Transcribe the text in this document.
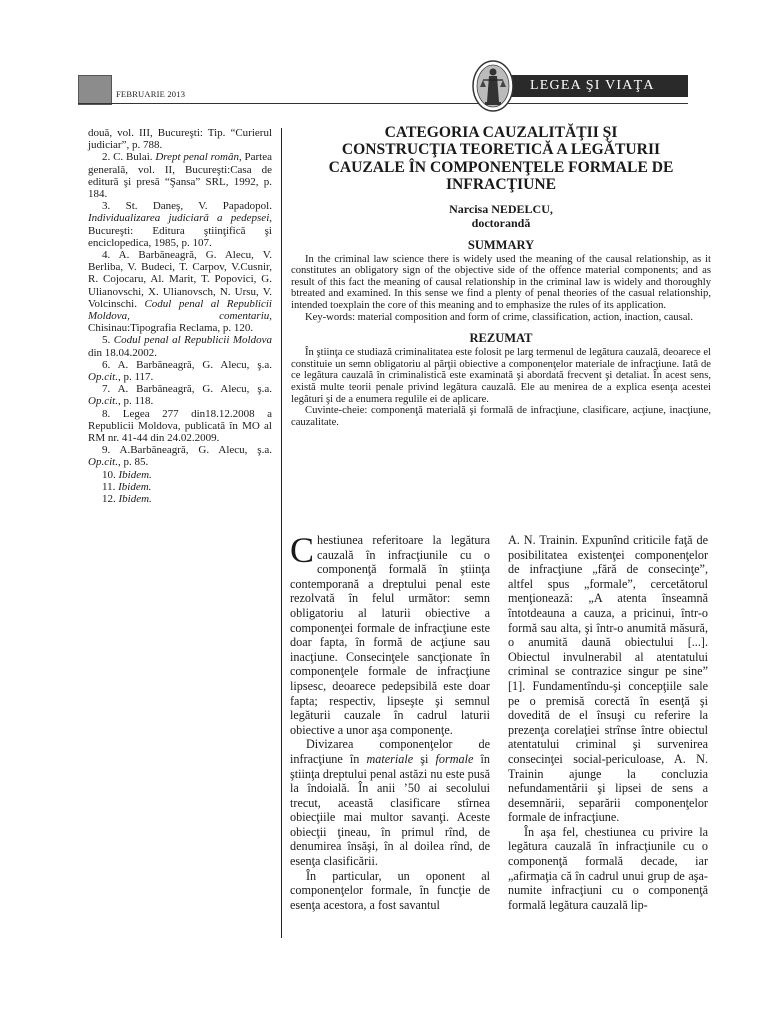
FEBRUARIE 2013
LEGEA ŞI VIAŢA

două, vol. III, Bucureşti: Tip. “Curierul judiciar”, p. 788.

2. C. Bulai. Drept penal român, Partea generală, vol. II, Bucureşti:Casa de editură şi presă “Şansa” SRL, 1992, p. 184.

3. St. Daneş, V. Papadopol. Individualizarea judiciară a pedepsei, Bucureşti: Editura ştiinţifică şi enciclopedica, 1985, p. 107.

4. A. Barbăneagră, G. Alecu, V. Berliba, V. Budeci, T. Carpov, V.Cusnir, R. Cojocaru, Al. Marit, T. Popovici, G. Ulianovschi, X. Ulianovsch, N. Ursu, V. Volcinschi. Codul penal al Republicii Moldova, comentariu, Chisinau:Tipografia Reclama, p. 120.

5. Codul penal al Republicii Moldova din 18.04.2002.

6. A. Barbăneagră, G. Alecu, ş.a. Op.cit., p. 117.

7. A. Barbăneagră, G. Alecu, ş.a. Op.cit., p. 118.

8. Legea 277 din18.12.2008 a Republicii Moldova, publicată în MO al RM nr. 41-44 din 24.02.2009.

9. A.Barbăneagră, G. Alecu, ş.a. Op.cit., p. 85.

10. Ibidem.

11. Ibidem.

12. Ibidem.

CATEGORIA CAUZALITĂŢII ŞI
CONSTRUCŢIA TEORETICĂ A LEGĂTURII
CAUZALE ÎN COMPONENŢELE FORMALE DE
INFRACŢIUNE
Narcisa NEDELCU,
doctorandă
SUMMARY

In the criminal law science there is widely used the meaning of the causal relationship, as it constitutes an obligatory sign of the objective side of the offence material components; and as result of this fact the meaning of causal relationship in the criminal law is widely and thoroughly btreated and examined. In this sense we find a plenty of penal theories of the casual relationship, intended toexplain the core of this meaning and to emphasize the rules of its application.

Key-words: material composition and form of crime, classification, action, inaction, causal.

REZUMAT

În ştiinţa ce studiază criminalitatea este folosit pe larg termenul de legătura cauzală, deoarece el constituie un semn obligatoriu al părţii obiective a componenţelor materiale de infracţiune. Iată de ce legătura cauzală în criminalistică este examinată şi abordată frecvent şi detaliat. În acest sens, există multe teorii penale privind legătura cauzală. Ele au menirea de a explica esenţa acestei legături şi de a enumera regulile ei de aplicare.

Cuvinte-cheie: componenţă materială şi formală de infracţiune, clasificare, acţiune, inacţiune, cauzalitate.

Chestiunea referitoare la legătura cauzală în infracţiunile cu o componenţă formală în ştiinţa contemporană a dreptului penal este rezolvată în felul următor: semn obligatoriu al laturii obiective a componenţei formale de infracţiune este doar fapta, în formă de acţiune sau inacţiune. Consecinţele sancţionate în componenţele formale de infracţiune lipsesc, deoarece pedepsibilă este doar fapta; respectiv, lipseşte şi semnul legăturii cauzale în cadrul laturii obiective a unor aşa componenţe.

Divizarea componenţelor de infracţiune în materiale şi formale în ştiinţa dreptului penal astăzi nu este pusă la îndoială. În anii ’50 ai secolului trecut, această clasificare stîrnea obiecţiile mai multor savanţi. Aceste obiecţii ţineau, în primul rînd, de denumirea însăşi, în al doilea rînd, de esenţa clasificării.

În particular, un oponent al componenţelor formale, în funcţie de esenţa acestora, a fost savantul

A. N. Trainin. Expunînd criticile faţă de posibilitatea existenţei componenţelor de infracţiune „fără de consecinţe”, altfel spus „formale”, cercetătorul menţionează: „A atenta înseamnă întotdeauna a cauza, a pricinui, într-o formă sau alta, şi într-o anumită măsură, o anumită daună obiectului [...]. Obiectul invulnerabil al atentatului criminal se contrazice singur pe sine” [1]. Fundamentîndu-şi concepţiile sale pe o premisă corectă în esenţă şi dovedită de el însuşi cu referire la prezenţa corelaţiei strînse între obiectul atentatului criminal şi survenirea consecinţei social-periculoase, A. N. Trainin ajunge la concluzia nefundamentării şi lipsei de sens a desemnării, separării componenţelor formale de infracţiune.

În aşa fel, chestiunea cu privire la legătura cauzală în infracţiunile cu o componenţă formală decade, iar „afirmaţia că în cadrul unui grup de aşa-numite infracţiuni cu o componenţă formală legătura cauzală lip-
